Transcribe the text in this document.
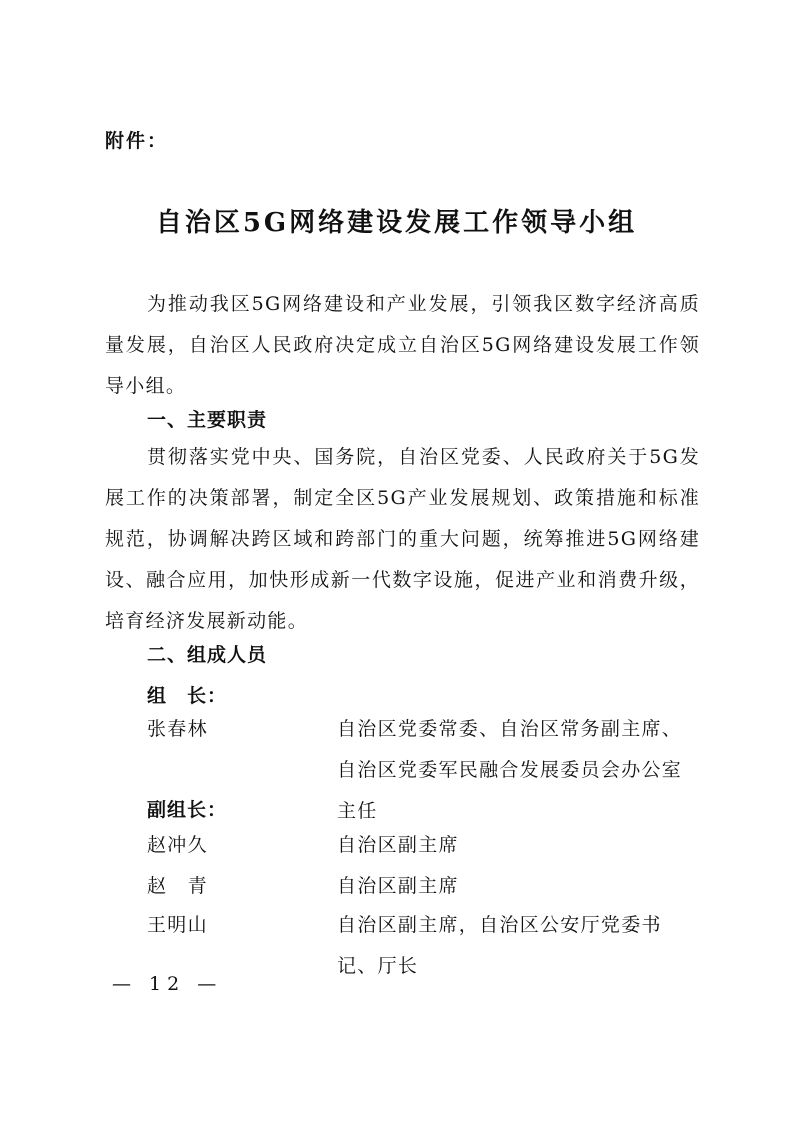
附件：
自治区5G网络建设发展工作领导小组

为推动我区5G网络建设和产业发展，引领我区数字经济高质量发展，自治区人民政府决定成立自治区5G网络建设发展工作领导小组。

一、主要职责

贯彻落实党中央、国务院，自治区党委、人民政府关于5G发展工作的决策部署，制定全区5G产业发展规划、政策措施和标准规范，协调解决跨区域和跨部门的重大问题，统筹推进5G网络建设、融合应用，加快形成新一代数字设施，促进产业和消费升级，培育经济发展新动能。

二、组成人员
组　长：
张春林	自治区党委常委、自治区常务副主席、自治区党委军民融合发展委员会办公室主任
副组长：
赵冲久	自治区副主席
赵　青	自治区副主席
王明山	自治区副主席，自治区公安厅党委书记、厅长
— 12 —
